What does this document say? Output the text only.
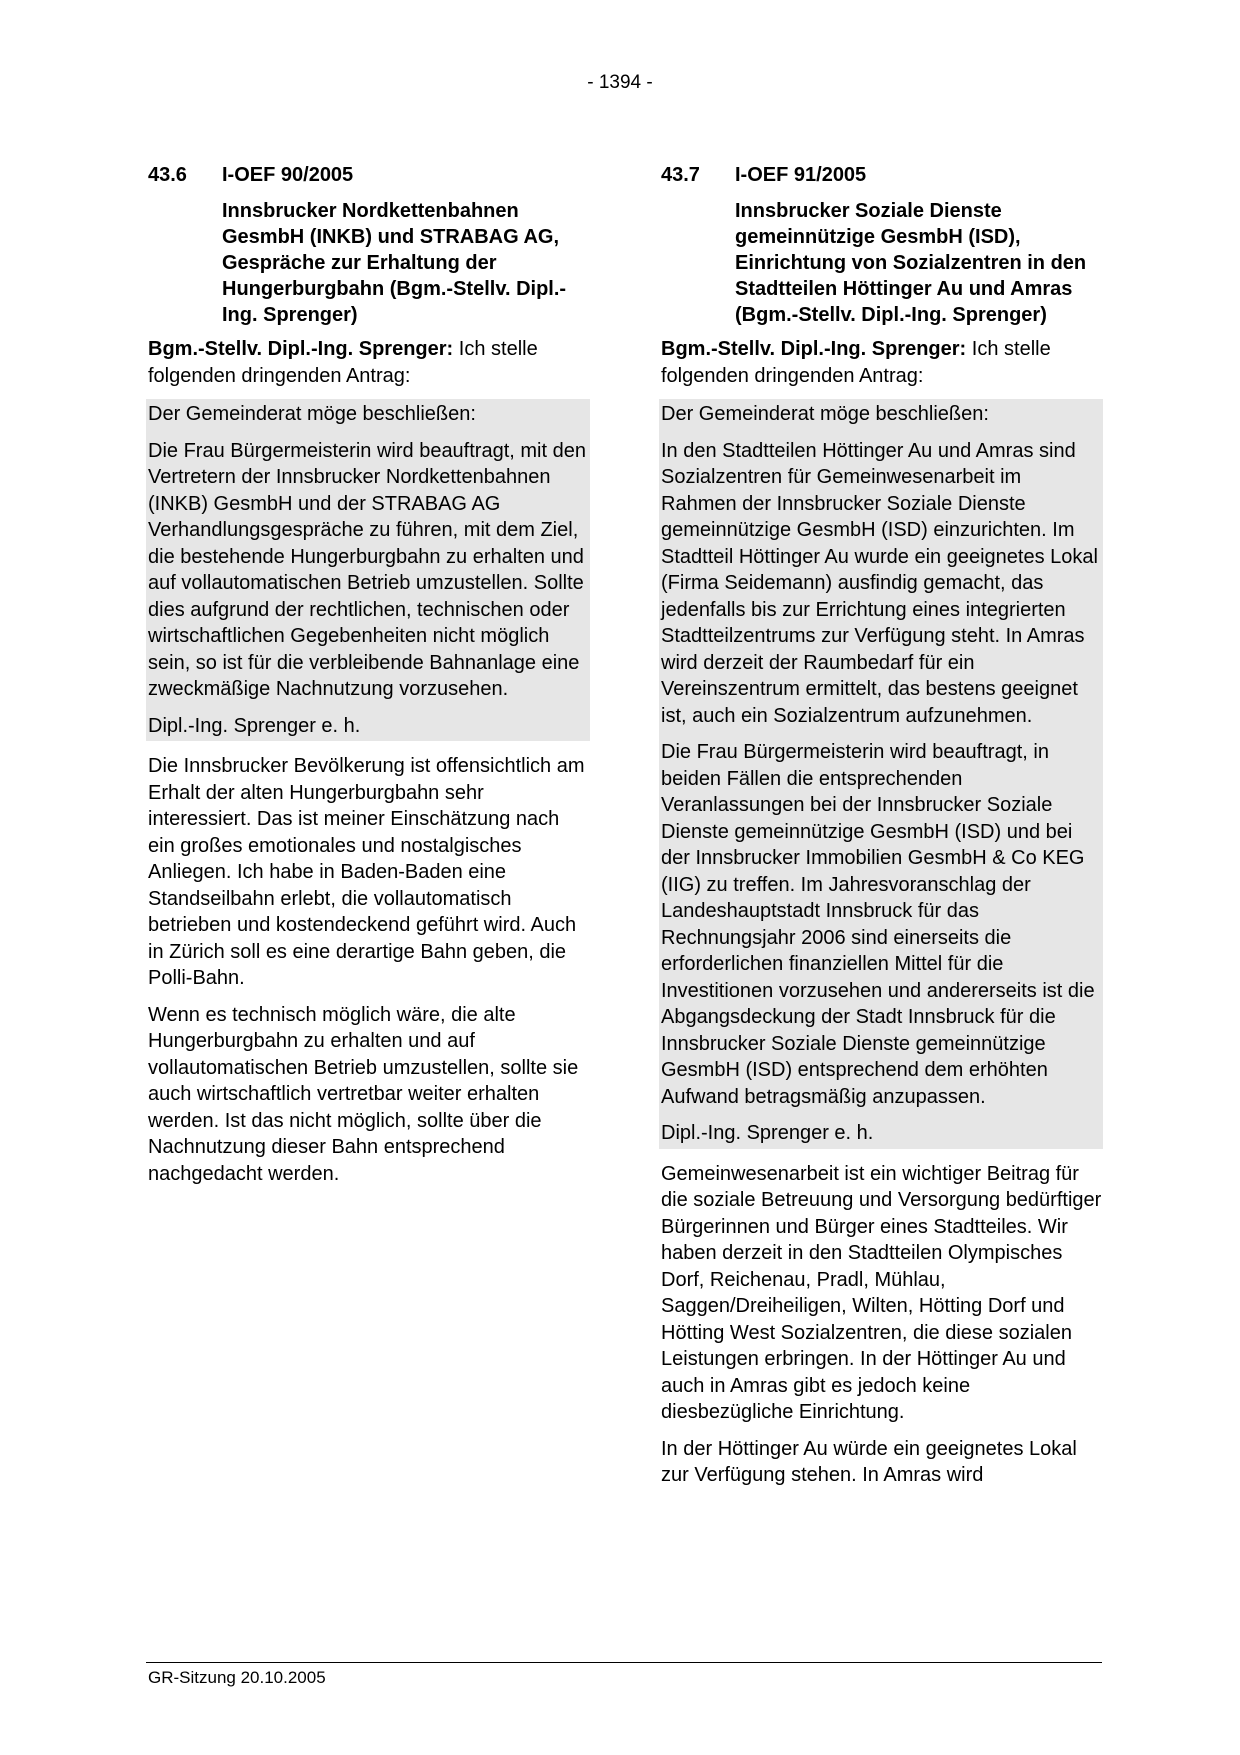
- 1394 -
43.6	I-OEF 90/2005
Innsbrucker Nordkettenbahnen GesmbH (INKB) und STRABAG AG, Gespräche zur Erhaltung der Hungerburgbahn (Bgm.-Stellv. Dipl.-Ing. Sprenger)

Bgm.-Stellv. Dipl.-Ing. Sprenger: Ich stelle folgenden dringenden Antrag:

Der Gemeinderat möge beschließen:

Die Frau Bürgermeisterin wird beauftragt, mit den Vertretern der Innsbrucker Nordkettenbahnen (INKB) GesmbH und der STRABAG AG Verhandlungsgespräche zu führen, mit dem Ziel, die bestehende Hungerburgbahn zu erhalten und auf vollautomatischen Betrieb umzustellen. Sollte dies aufgrund der rechtlichen, technischen oder wirtschaftlichen Gegebenheiten nicht möglich sein, so ist für die verbleibende Bahnanlage eine zweckmäßige Nachnutzung vorzusehen.

Dipl.-Ing. Sprenger e. h.

Die Innsbrucker Bevölkerung ist offensichtlich am Erhalt der alten Hungerburgbahn sehr interessiert. Das ist meiner Einschätzung nach ein großes emotionales und nostalgisches Anliegen. Ich habe in Baden-Baden eine Standseilbahn erlebt, die vollautomatisch betrieben und kostendeckend geführt wird. Auch in Zürich soll es eine derartige Bahn geben, die Polli-Bahn.

Wenn es technisch möglich wäre, die alte Hungerburgbahn zu erhalten und auf vollautomatischen Betrieb umzustellen, sollte sie auch wirtschaftlich vertretbar weiter erhalten werden. Ist das nicht möglich, sollte über die Nachnutzung dieser Bahn entsprechend nachgedacht werden.

43.7	I-OEF 91/2005
Innsbrucker Soziale Dienste gemeinnützige GesmbH (ISD), Einrichtung von Sozialzentren in den Stadtteilen Höttinger Au und Amras (Bgm.-Stellv. Dipl.-Ing. Sprenger)

Bgm.-Stellv. Dipl.-Ing. Sprenger: Ich stelle folgenden dringenden Antrag:

Der Gemeinderat möge beschließen:

In den Stadtteilen Höttinger Au und Amras sind Sozialzentren für Gemeinwesenarbeit im Rahmen der Innsbrucker Soziale Dienste gemeinnützige GesmbH (ISD) einzurichten. Im Stadtteil Höttinger Au wurde ein geeignetes Lokal (Firma Seidemann) ausfindig gemacht, das jedenfalls bis zur Errichtung eines integrierten Stadtteilzentrums zur Verfügung steht. In Amras wird derzeit der Raumbedarf für ein Vereinszentrum ermittelt, das bestens geeignet ist, auch ein Sozialzentrum aufzunehmen.

Die Frau Bürgermeisterin wird beauftragt, in beiden Fällen die entsprechenden Veranlassungen bei der Innsbrucker Soziale Dienste gemeinnützige GesmbH (ISD) und bei der Innsbrucker Immobilien GesmbH & Co KEG (IIG) zu treffen. Im Jahresvoranschlag der Landeshauptstadt Innsbruck für das Rechnungsjahr 2006 sind einerseits die erforderlichen finanziellen Mittel für die Investitionen vorzusehen und andererseits ist die Abgangsdeckung der Stadt Innsbruck für die Innsbrucker Soziale Dienste gemeinnützige GesmbH (ISD) entsprechend dem erhöhten Aufwand betragsmäßig anzupassen.

Dipl.-Ing. Sprenger e. h.

Gemeinwesenarbeit ist ein wichtiger Beitrag für die soziale Betreuung und Versorgung bedürftiger Bürgerinnen und Bürger eines Stadtteiles. Wir haben derzeit in den Stadtteilen Olympisches Dorf, Reichenau, Pradl, Mühlau, Saggen/Dreiheiligen, Wilten, Hötting Dorf und Hötting West Sozialzentren, die diese sozialen Leistungen erbringen. In der Höttinger Au und auch in Amras gibt es jedoch keine diesbezügliche Einrichtung.

In der Höttinger Au würde ein geeignetes Lokal zur Verfügung stehen. In Amras wird

GR-Sitzung 20.10.2005
